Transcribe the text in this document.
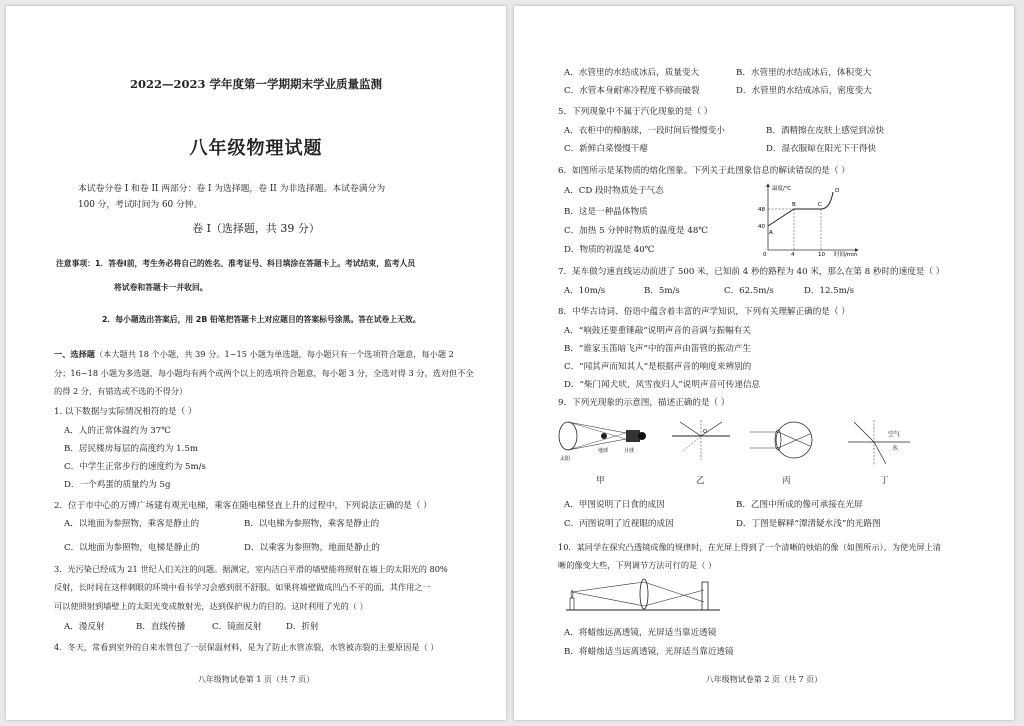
2022—2023 学年度第一学期期末学业质量监测
八年级物理试题
本试卷分卷 I 和卷 II 两部分：卷 I 为选择题，卷 II 为非选择题。本试卷满分为
100 分，考试时间为 60 分钟。
卷 I（选择题，共 39 分）
注意事项：1．答卷Ⅰ前，考生务必将自己的姓名、准考证号、科目填涂在答题卡上。考试结束，监考人员
将试卷和答题卡一并收回。
2．每小题选出答案后，用 2B 铅笔把答题卡上对应题目的答案标号涂黑。答在试卷上无效。
一、选择题（本大题共 18 个小题，共 39 分。1~15 小题为单选题，每小题只有一个选项符合题意，每小题 2
分；16~18 小题为多选题，每小题均有两个或两个以上的选项符合题意，每小题 3 分，全选对得 3 分，选对但不全
的得 2 分，有错选或不选的不得分）
1. 以下数据与实际情况相符的是（ ）
A．人的正常体温约为 37℃
B．居民楼房每层的高度约为 1.5m
C．中学生正常步行的速度约为 5m/s
D．一个鸡蛋的质量约为 5g
2．位于市中心的万博广场建有观光电梯，乘客在随电梯竖直上升的过程中，下列说法正确的是（ ）
A．以地面为参照物，乘客是静止的	B．以电梯为参照物，乘客是静止的
C．以地面为参照物，电梯是静止的	D．以乘客为参照物，地面是静止的
3．光污染已经成为 21 世纪人们关注的问题。据测定，室内洁白平滑的墙壁能将照射在墙上的太阳光的 80%
反射，长时间在这样刺眼的环境中看书学习会感到很不舒服。如果将墙壁做成凹凸不平的面，其作用之一
可以使照射到墙壁上的太阳光变成散射光，达到保护视力的目的。这时利用了光的（ ）
A．漫反射	B．直线传播	C．镜面反射	D．折射
4．冬天，常看到室外的自来水管包了一层保温材料，是为了防止水管冻裂，水管被冻裂的主要原因是（ ）
八年级物试卷第 1 页（共 7 页）
A．水管里的水结成冰后，质量变大	B．水管里的水结成冰后，体积变大
C．水管本身耐寒冷程度不够而破裂	D．水管里的水结成冰后，密度变大
5．下列现象中不属于汽化现象的是（ ）
A．衣柜中的樟脑球，一段时间后慢慢变小	B．酒精擦在皮肤上感觉到凉快
C．新鲜白菜慢慢干瘪	D．湿衣服晾在阳光下干得快
6．如图所示是某物质的熔化图象。下列关于此图象信息的解读错误的是（ ）
A．CD 段时物质处于气态
B．这是一种晶体物质
C．加热 5 分钟时物质的温度是 48℃
D．物质的初温是 40℃
温度/℃
时间/min
48
40
0	4	10
A
B	C
D
7．某车做匀速直线运动前进了 500 米，已知前 4 秒的路程为 40 米，那么在第 8 秒时的速度是（ ）
A．10m/s	B．5m/s	C．62.5m/s	D．12.5m/s
8．中华古诗词、俗语中蕴含着丰富的声学知识，下列有关理解正确的是（ ）
A．“响鼓还要重锤敲”说明声音的音调与振幅有关
B．“谁家玉笛暗飞声”中的笛声由笛管的振动产生
C．“闻其声而知其人”是根据声音的响度来辨别的
D．“柴门闻犬吠，风雪夜归人”说明声音可传递信息
9．下列光现象的示意图，描述正确的是（ ）
太阳
地球	月球
O	空气
水
甲	乙	丙	丁
A．甲图说明了日食的成因	B．乙图中所成的像可承接在光屏
C．丙图说明了近视眼的成因	D．丁图是解释“潭清疑水浅”的光路图
10．某同学在探究凸透镜成像的规律时，在光屏上得到了一个清晰的烛焰的像（如图所示），为使光屏上清
晰的像变大些，下列调节方法可行的是（ ）
A．将蜡烛远离透镜，光屏适当靠近透镜
B．将蜡烛适当远离透镜，光屏适当靠近透镜
八年级物试卷第 2 页（共 7 页）
